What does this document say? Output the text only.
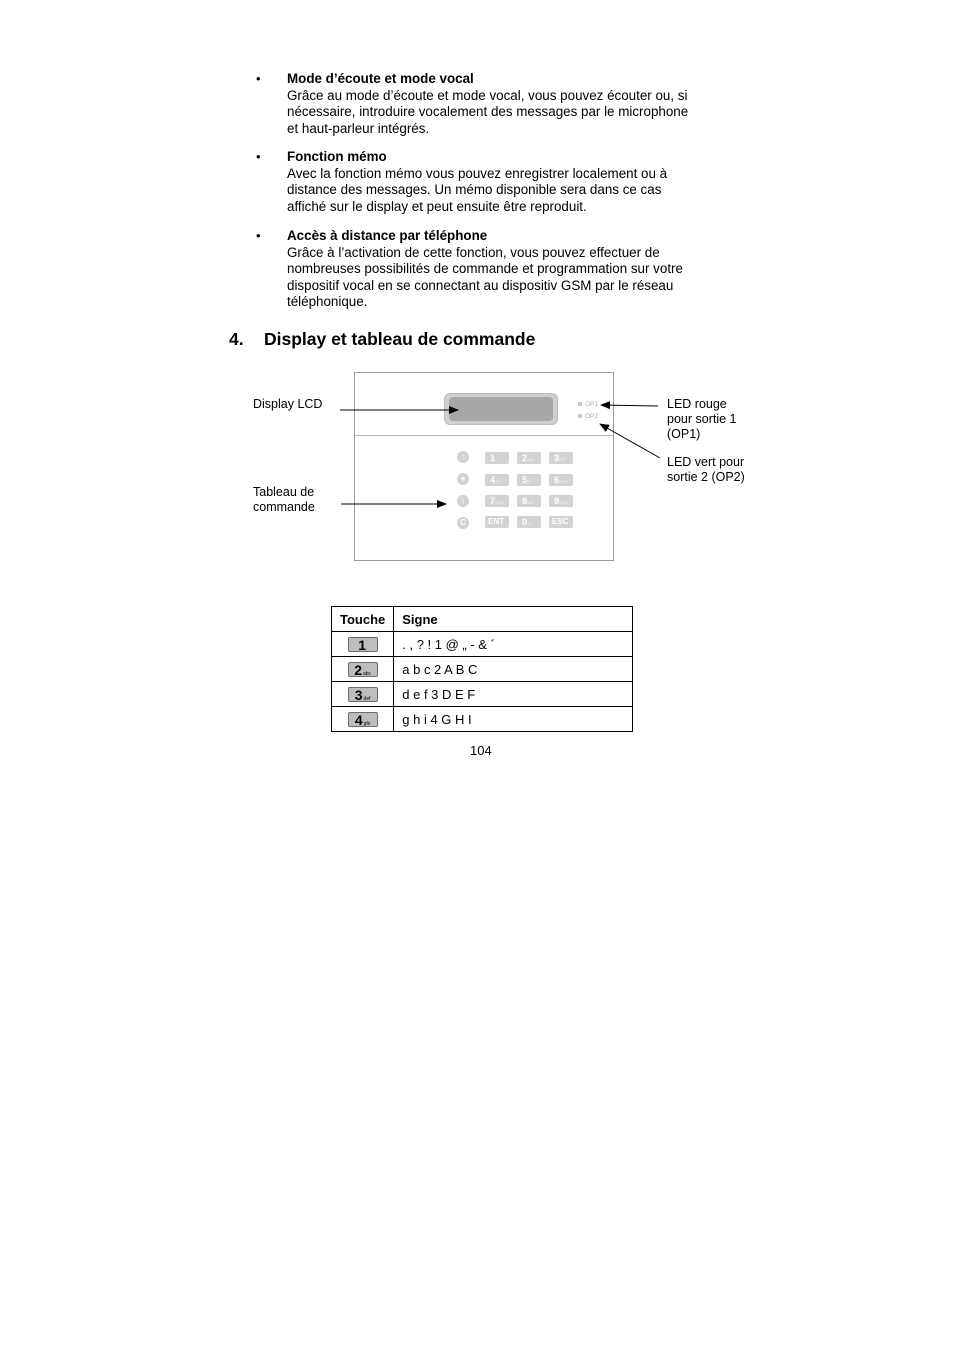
• Mode d’écoute et mode vocal
Grâce au mode d’écoute et mode vocal, vous pouvez écouter ou, si
nécessaire, introduire vocalement des messages par le microphone
et haut-parleur intégrés.
• Fonction mémo
Avec la fonction mémo vous pouvez enregistrer localement ou à
distance des messages. Un mémo disponible sera dans ce cas
affiché sur le display et peut ensuite être reproduit.
• Accès à distance par téléphone
Grâce à l’activation de cette fonction, vous pouvez effectuer de
nombreuses possibilités de commande et programmation sur votre
dispositif vocal en se connectant au dispositiv GSM par le réseau
téléphonique.
4. Display et tableau de commande
Display LCD
Tableau de
commande
LED rouge
pour sortie 1
(OP1)
LED vert pour
sortie 2 (OP2)
OP1
OP2
↑
●
↓
C
1	2abc	3def
4ghi	5jkl	6mno
7pqrs	8tuv	9wxyz
ENT	0+-_	ESC
Touche	Signe
1	. , ? ! 1 @ „ - & ´
2abc	a b c 2 A B C
3def	d e f 3 D E F
4ghi	g h i 4 G H I
104
